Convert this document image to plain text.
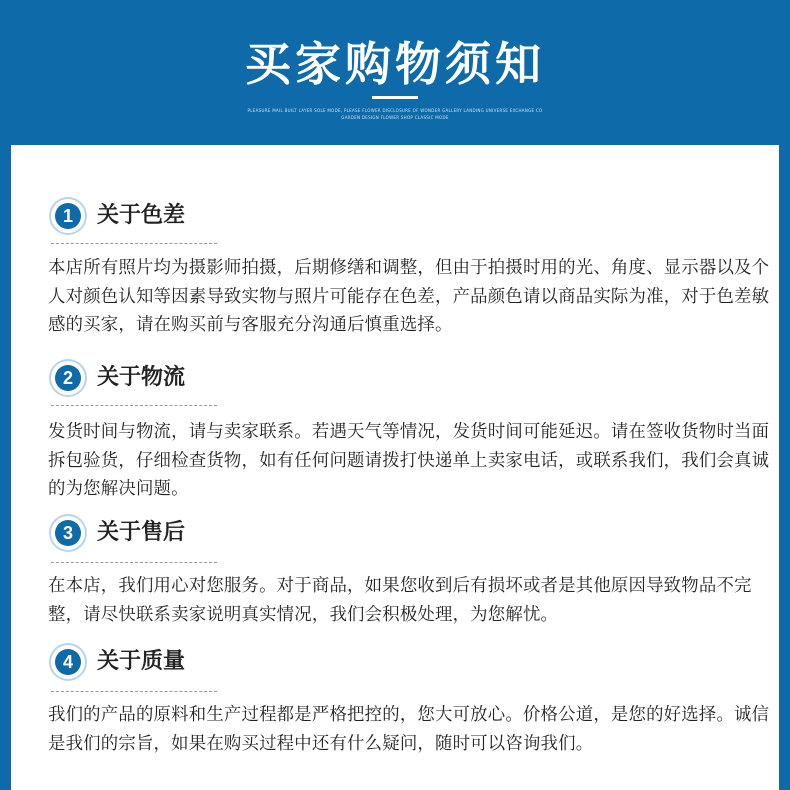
买家购物须知
PLEASURE MAIL BUILT LAYER SOLE MODE, PLEASE FLOWER DISCLOSURE OF WONDER GALLERY LANDING UNIVERSE EXCHANGE CO
GARDEN DESIGN FLOWER SHOP CLASSIC MODE
1	关于色差
本店所有照片均为摄影师拍摄，后期修缮和调整，但由于拍摄时用的光、角度、显示器以及个人对颜色认知等因素导致实物与照片可能存在色差，产品颜色请以商品实际为准，对于色差敏感的买家，请在购买前与客服充分沟通后慎重选择。
2	关于物流
发货时间与物流，请与卖家联系。若遇天气等情况，发货时间可能延迟。请在签收货物时当面拆包验货，仔细检查货物，如有任何问题请拨打快递单上卖家电话，或联系我们，我们会真诚的为您解决问题。
3	关于售后
在本店，我们用心对您服务。对于商品，如果您收到后有损坏或者是其他原因导致物品不完整，请尽快联系卖家说明真实情况，我们会积极处理，为您解忧。
4	关于质量
我们的产品的原料和生产过程都是严格把控的，您大可放心。价格公道，是您的好选择。诚信是我们的宗旨，如果在购买过程中还有什么疑问，随时可以咨询我们。
